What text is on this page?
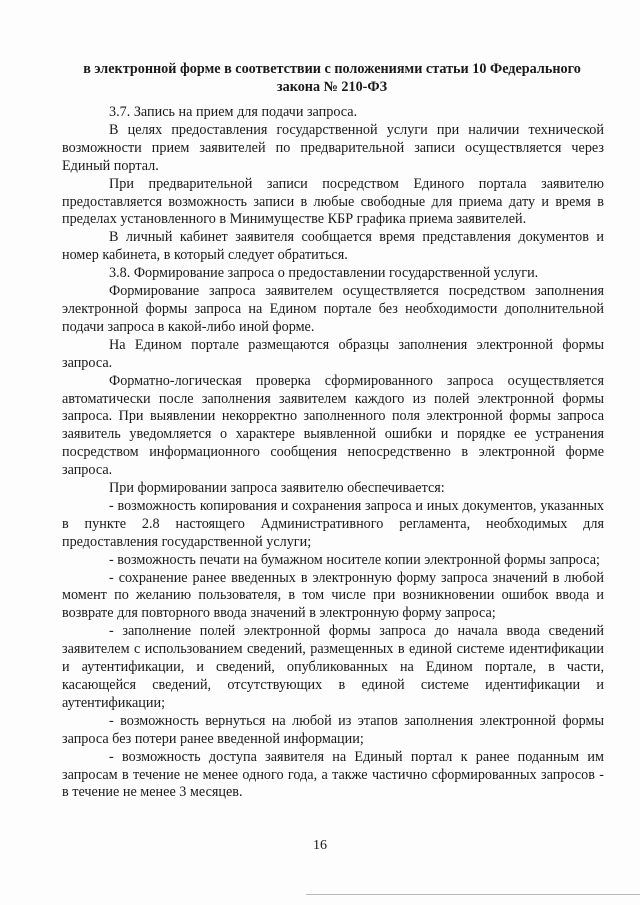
в электронной форме в соответствии с положениями статьи 10 Федерального
закона № 210-ФЗ

3.7. Запись на прием для подачи запроса.

В целях предоставления государственной услуги при наличии технической возможности прием заявителей по предварительной записи осуществляется через Единый портал.

При предварительной записи посредством Единого портала заявителю предоставляется возможность записи в любые свободные для приема дату и время в пределах установленного в Минимуществе КБР графика приема заявителей.

В личный кабинет заявителя сообщается время представления документов и номер кабинета, в который следует обратиться.

3.8. Формирование запроса о предоставлении государственной услуги.

Формирование запроса заявителем осуществляется посредством заполнения электронной формы запроса на Едином портале без необходимости дополнительной подачи запроса в какой-либо иной форме.

На Едином портале размещаются образцы заполнения электронной формы запроса.

Форматно-логическая проверка сформированного запроса осуществляется автоматически после заполнения заявителем каждого из полей электронной формы запроса. При выявлении некорректно заполненного поля электронной формы запроса заявитель уведомляется о характере выявленной ошибки и порядке ее устранения посредством информационного сообщения непосредственно в электронной форме запроса.

При формировании запроса заявителю обеспечивается:

- возможность копирования и сохранения запроса и иных документов, указанных в пункте 2.8 настоящего Административного регламента, необходимых для предоставления государственной услуги;

- возможность печати на бумажном носителе копии электронной формы запроса;

- сохранение ранее введенных в электронную форму запроса значений в любой момент по желанию пользователя, в том числе при возникновении ошибок ввода и возврате для повторного ввода значений в электронную форму запроса;

- заполнение полей электронной формы запроса до начала ввода сведений заявителем с использованием сведений, размещенных в единой системе идентификации и аутентификации, и сведений, опубликованных на Едином портале, в части, касающейся сведений, отсутствующих в единой системе идентификации и аутентификации;

- возможность вернуться на любой из этапов заполнения электронной формы запроса без потери ранее введенной информации;

- возможность доступа заявителя на Единый портал к ранее поданным им запросам в течение не менее одного года, а также частично сформированных запросов - в течение не менее 3 месяцев.

16
